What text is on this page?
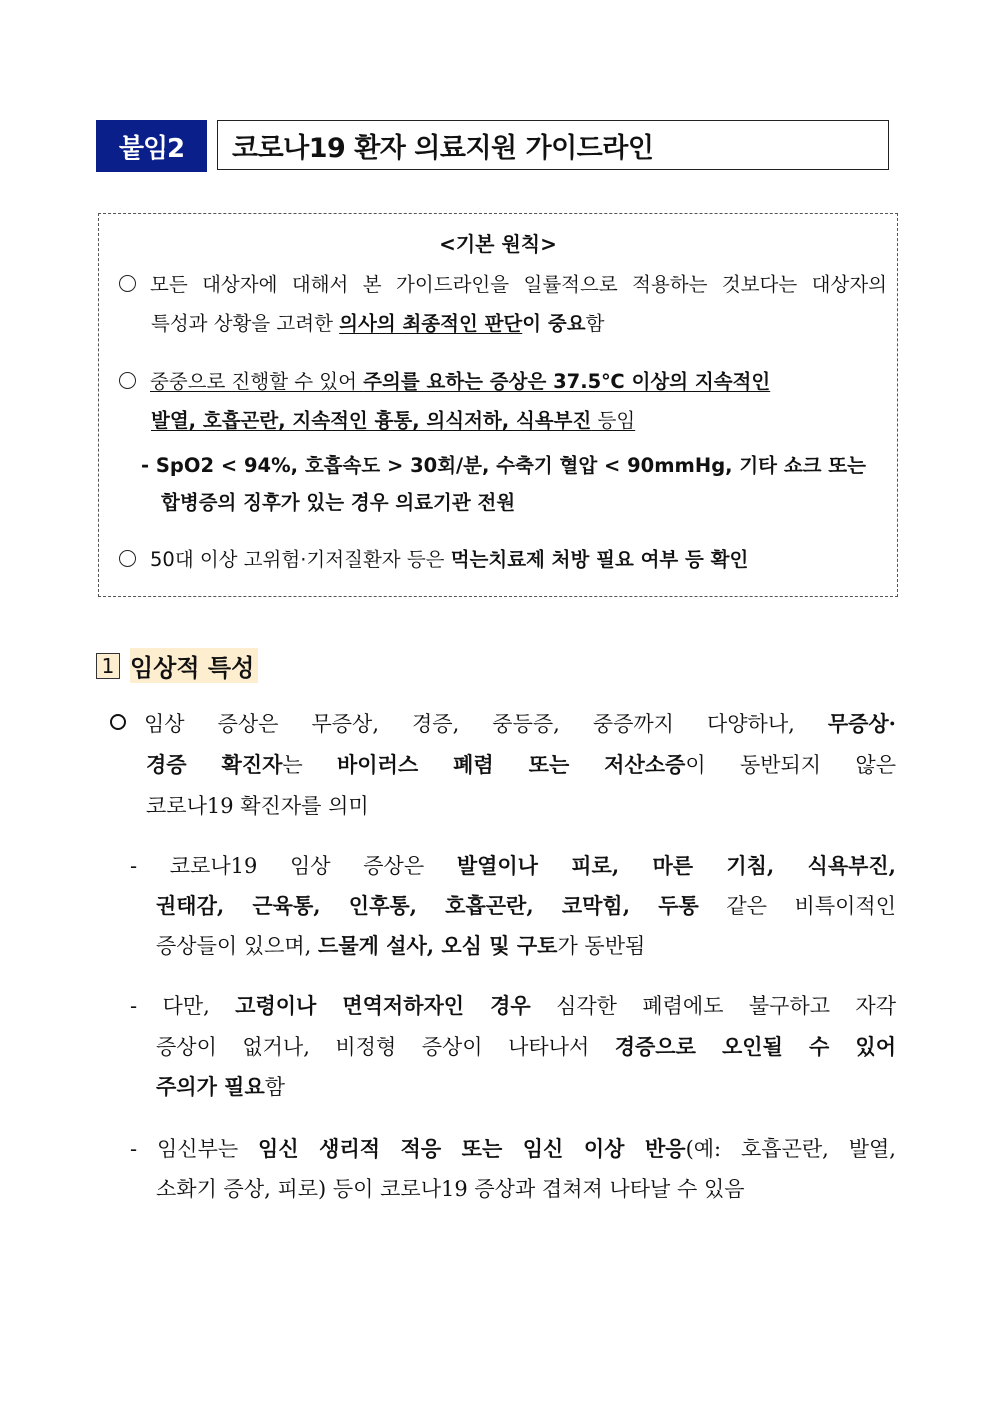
붙임2 코로나19 환자 의료지원 가이드라인
<기본 원칙>
모든 대상자에 대해서 본 가이드라인을 일률적으로 적용하는 것보다는 대상자의
특성과 상황을 고려한 의사의 최종적인 판단이 중요함
중중으로 진행할 수 있어 주의를 요하는 증상은 37.5℃ 이상의 지속적인
발열, 호흡곤란, 지속적인 흉통, 의식저하, 식욕부진 등임
- SpO2 < 94%, 호흡속도 > 30회/분, 수축기 혈압 < 90mmHg, 기타 쇼크 또는
합병증의 징후가 있는 경우 의료기관 전원
50대 이상 고위험·기저질환자 등은 먹는치료제 처방 필요 여부 등 확인
1 임상적 특성
임상 증상은 무증상, 경증, 중등증, 중증까지 다양하나, 무증상·
경증 확진자는 바이러스 폐렴 또는 저산소증이 동반되지 않은
코로나19 확진자를 의미
- 코로나19 임상 증상은 발열이나 피로, 마른 기침, 식욕부진,
권태감, 근육통, 인후통, 호흡곤란, 코막힘, 두통 같은 비특이적인
증상들이 있으며, 드물게 설사, 오심 및 구토가 동반됨
- 다만, 고령이나 면역저하자인 경우 심각한 폐렴에도 불구하고 자각
증상이 없거나, 비정형 증상이 나타나서 경증으로 오인될 수 있어
주의가 필요함
- 임신부는 임신 생리적 적응 또는 임신 이상 반응(예: 호흡곤란, 발열,
소화기 증상, 피로) 등이 코로나19 증상과 겹쳐져 나타날 수 있음
